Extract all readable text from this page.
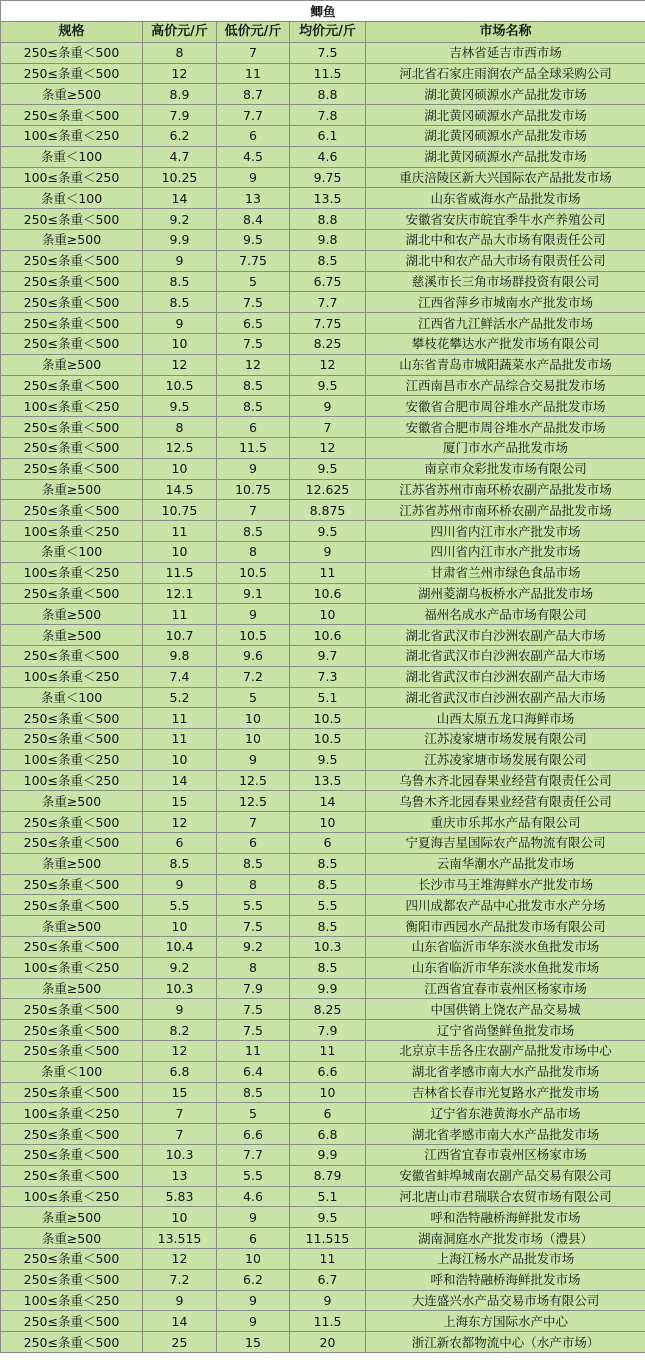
鲫鱼				
规格	高价元/斤	低价元/斤	均价元/斤	市场名称
250≤条重＜500	8	7	7.5	吉林省延吉市西市场
250≤条重＜500	12	11	11.5	河北省石家庄雨润农产品全球采购公司
条重≥500	8.9	8.7	8.8	湖北黄冈硕源水产品批发市场
250≤条重＜500	7.9	7.7	7.8	湖北黄冈硕源水产品批发市场
100≤条重＜250	6.2	6	6.1	湖北黄冈硕源水产品批发市场
条重＜100	4.7	4.5	4.6	湖北黄冈硕源水产品批发市场
100≤条重＜250	10.25	9	9.75	重庆涪陵区新大兴国际农产品批发市场
条重＜100	14	13	13.5	山东省威海水产品批发市场
250≤条重＜500	9.2	8.4	8.8	安徽省安庆市皖宜季牛水产养殖公司
条重≥500	9.9	9.5	9.8	湖北中和农产品大市场有限责任公司
250≤条重＜500	9	7.75	8.5	湖北中和农产品大市场有限责任公司
250≤条重＜500	8.5	5	6.75	慈溪市长三角市场群投资有限公司
250≤条重＜500	8.5	7.5	7.7	江西省萍乡市城南水产批发市场
250≤条重＜500	9	6.5	7.75	江西省九江鲜活水产品批发市场
250≤条重＜500	10	7.5	8.25	攀枝花攀达水产批发市场有限公司
条重≥500	12	12	12	山东省青岛市城阳蔬菜水产品批发市场
250≤条重＜500	10.5	8.5	9.5	江西南昌市水产品综合交易批发市场
100≤条重＜250	9.5	8.5	9	安徽省合肥市周谷堆水产品批发市场
250≤条重＜500	8	6	7	安徽省合肥市周谷堆水产品批发市场
250≤条重＜500	12.5	11.5	12	厦门市水产品批发市场
250≤条重＜500	10	9	9.5	南京市众彩批发市场有限公司
条重≥500	14.5	10.75	12.625	江苏省苏州市南环桥农副产品批发市场
250≤条重＜500	10.75	7	8.875	江苏省苏州市南环桥农副产品批发市场
100≤条重＜250	11	8.5	9.5	四川省内江市水产批发市场
条重＜100	10	8	9	四川省内江市水产批发市场
100≤条重＜250	11.5	10.5	11	甘肃省兰州市绿色食品市场
250≤条重＜500	12.1	9.1	10.6	湖州菱湖乌板桥水产品批发市场
条重≥500	11	9	10	福州名成水产品市场有限公司
条重≥500	10.7	10.5	10.6	湖北省武汉市白沙洲农副产品大市场
250≤条重＜500	9.8	9.6	9.7	湖北省武汉市白沙洲农副产品大市场
100≤条重＜250	7.4	7.2	7.3	湖北省武汉市白沙洲农副产品大市场
条重＜100	5.2	5	5.1	湖北省武汉市白沙洲农副产品大市场
250≤条重＜500	11	10	10.5	山西太原五龙口海鲜市场
250≤条重＜500	11	10	10.5	江苏凌家塘市场发展有限公司
100≤条重＜250	10	9	9.5	江苏凌家塘市场发展有限公司
100≤条重＜250	14	12.5	13.5	乌鲁木齐北园春果业经营有限责任公司
条重≥500	15	12.5	14	乌鲁木齐北园春果业经营有限责任公司
250≤条重＜500	12	7	10	重庆市乐邦水产品有限公司
250≤条重＜500	6	6	6	宁夏海吉星国际农产品物流有限公司
条重≥500	8.5	8.5	8.5	云南华潮水产品批发市场
250≤条重＜500	9	8	8.5	长沙市马王堆海鲜水产批发市场
250≤条重＜500	5.5	5.5	5.5	四川成都农产品中心批发市水产分场
条重≥500	10	7.5	8.5	衡阳市西园水产品批发市场有限公司
250≤条重＜500	10.4	9.2	10.3	山东省临沂市华东淡水鱼批发市场
100≤条重＜250	9.2	8	8.5	山东省临沂市华东淡水鱼批发市场
条重≥500	10.3	7.9	9.9	江西省宜春市袁州区杨家市场
250≤条重＜500	9	7.5	8.25	中国供销上饶农产品交易城
250≤条重＜500	8.2	7.5	7.9	辽宁省尚堡鲜鱼批发市场
250≤条重＜500	12	11	11	北京京丰岳各庄农副产品批发市场中心
条重＜100	6.8	6.4	6.6	湖北省孝感市南大水产品批发市场
250≤条重＜500	15	8.5	10	吉林省长春市光复路水产批发市场
100≤条重＜250	7	5	6	辽宁省东港黄海水产品市场
250≤条重＜500	7	6.6	6.8	湖北省孝感市南大水产品批发市场
250≤条重＜500	10.3	7.7	9.9	江西省宜春市袁州区杨家市场
250≤条重＜500	13	5.5	8.79	安徽省蚌埠城南农副产品交易有限公司
100≤条重＜250	5.83	4.6	5.1	河北唐山市君瑞联合农贸市场有限公司
条重≥500	10	9	9.5	呼和浩特融桥海鲜批发市场
条重≥500	13.515	6	11.515	湖南洞庭水产批发市场（澧县）
250≤条重＜500	12	10	11	上海江杨水产品批发市场
250≤条重＜500	7.2	6.2	6.7	呼和浩特融桥海鲜批发市场
100≤条重＜250	9	9	9	大连盛兴水产品交易市场有限公司
250≤条重＜500	14	9	11.5	上海东方国际水产中心
250≤条重＜500	25	15	20	浙江新农都物流中心（水产市场）
